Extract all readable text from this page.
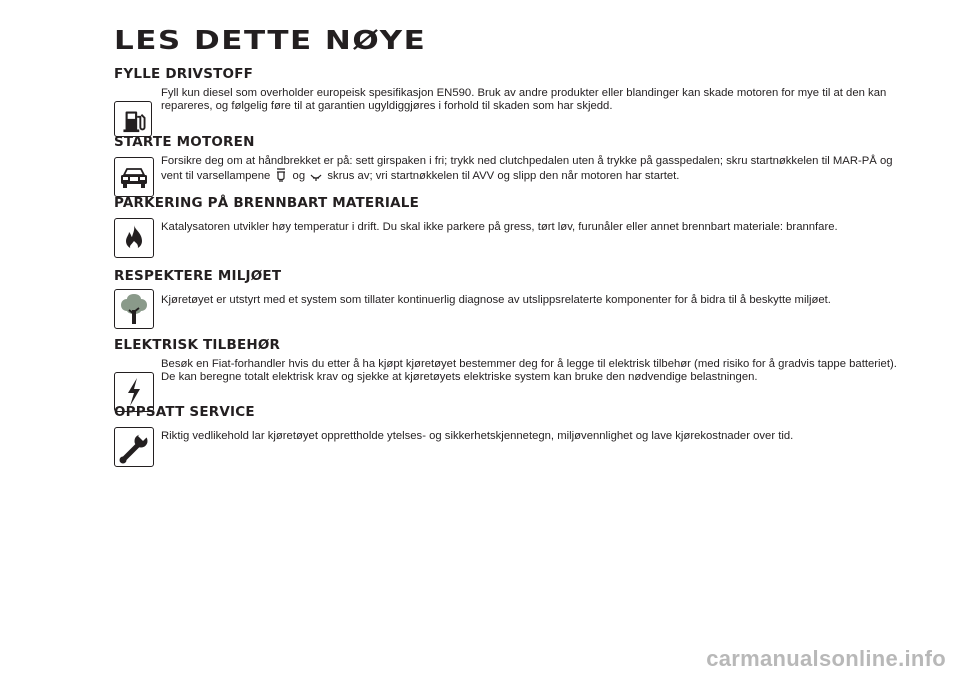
LES DETTE NØYE
FYLLE DRIVSTOFF
Fyll kun diesel som overholder europeisk spesifikasjon EN590. Bruk av andre produkter eller blandinger kan skade motoren for mye til at den kan repareres, og følgelig føre til at garantien ugyldiggjøres i forhold til skaden som har skjedd.
STARTE MOTOREN
Forsikre deg om at håndbrekket er på: sett girspaken i fri; trykk ned clutchpedalen uten å trykke på gasspedalen; skru startnøkkelen til MAR-PÅ og vent til varsellampene og skrus av; vri startnøkkelen til AVV og slipp den når motoren har startet.
PARKERING PÅ BRENNBART MATERIALE
Katalysatoren utvikler høy temperatur i drift. Du skal ikke parkere på gress, tørt løv, furunåler eller annet brennbart materiale: brannfare.
RESPEKTERE MILJØET
Kjøretøyet er utstyrt med et system som tillater kontinuerlig diagnose av utslippsrelaterte komponenter for å bidra til å beskytte miljøet.
ELEKTRISK TILBEHØR
Besøk en Fiat-forhandler hvis du etter å ha kjøpt kjøretøyet bestemmer deg for å legge til elektrisk tilbehør (med risiko for å gradvis tappe batteriet). De kan beregne totalt elektrisk krav og sjekke at kjøretøyets elektriske system kan bruke den nødvendige belastningen.
OPPSATT SERVICE
Riktig vedlikehold lar kjøretøyet opprettholde ytelses- og sikkerhetskjennetegn, miljøvennlighet og lave kjørekostnader over tid.
carmanualsonline.info
